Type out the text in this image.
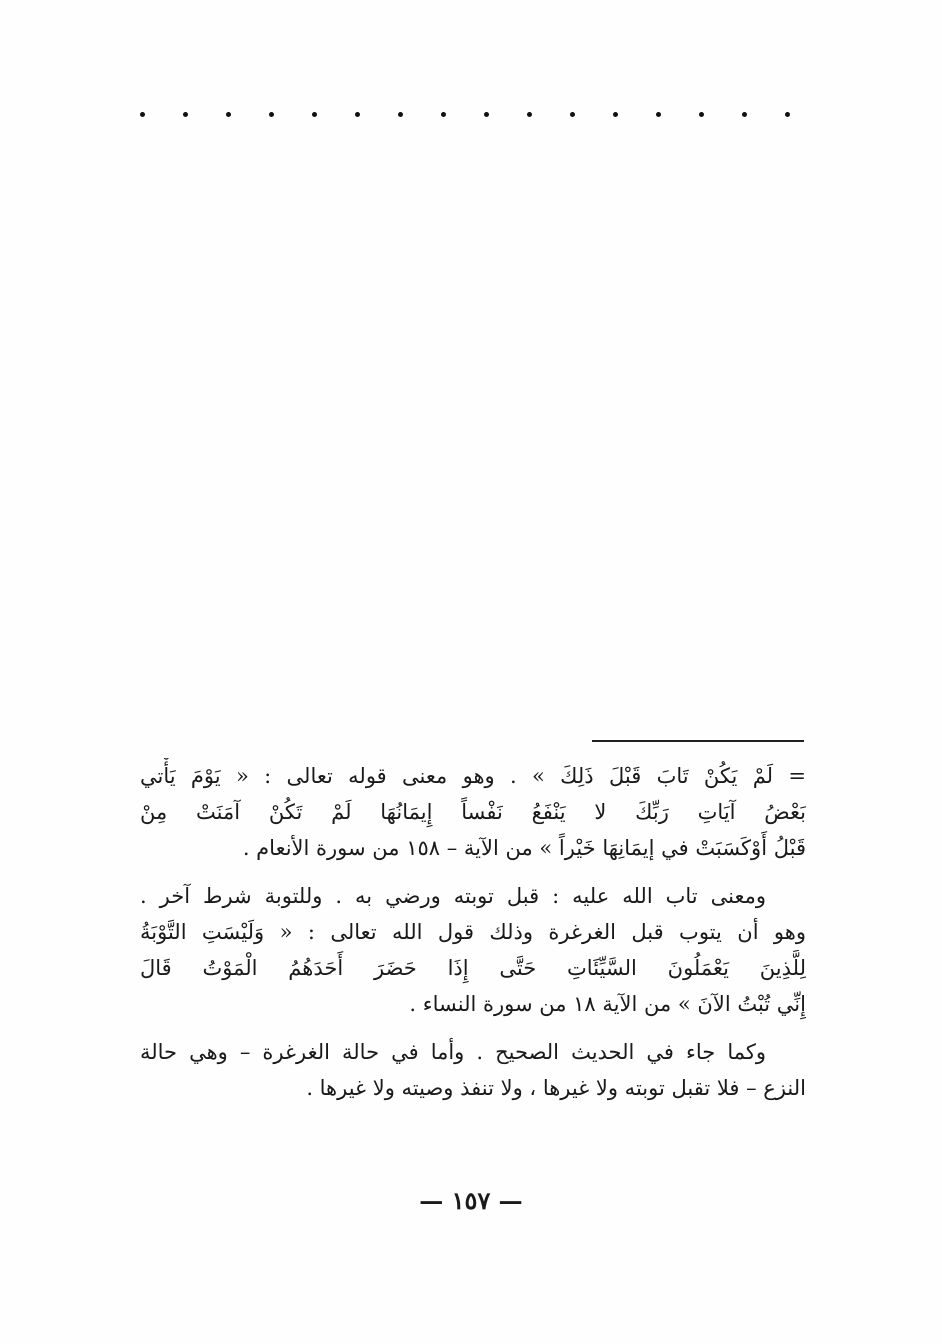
= لَمْ يَكُنْ تَابَ قَبْلَ ذَلِكَ » . وهو معنى قوله تعالى : « يَوْمَ يَأْتي
بَعْضُ آيَاتِ رَبِّكَ لا يَنْفَعُ نَفْساً إِيمَانُهَا لَمْ تَكُنْ آمَنَتْ مِنْ
قَبْلُ أَوْكَسَبَتْ في إيمَانِهَا خَيْراً » من الآية – ١٥٨ من سورة الأنعام .
ومعنى تاب الله عليه : قبل توبته ورضي به . وللتوبة شرط آخر .
وهو أن يتوب قبل الغرغرة وذلك قول الله تعالى : « وَلَيْسَتِ التَّوْبَةُ
لِلَّذِينَ يَعْمَلُونَ السَّيِّئَاتِ حَتَّى إِذَا حَضَرَ أَحَدَهُمُ الْمَوْتُ قَالَ
إِنِّي تُبْتُ الآنَ » من الآية ١٨ من سورة النساء .
وكما جاء في الحديث الصحيح . وأما في حالة الغرغرة – وهي حالة
النزع – فلا تقبل توبته ولا غيرها ، ولا تنفذ وصيته ولا غيرها .
— ١٥٧ —
